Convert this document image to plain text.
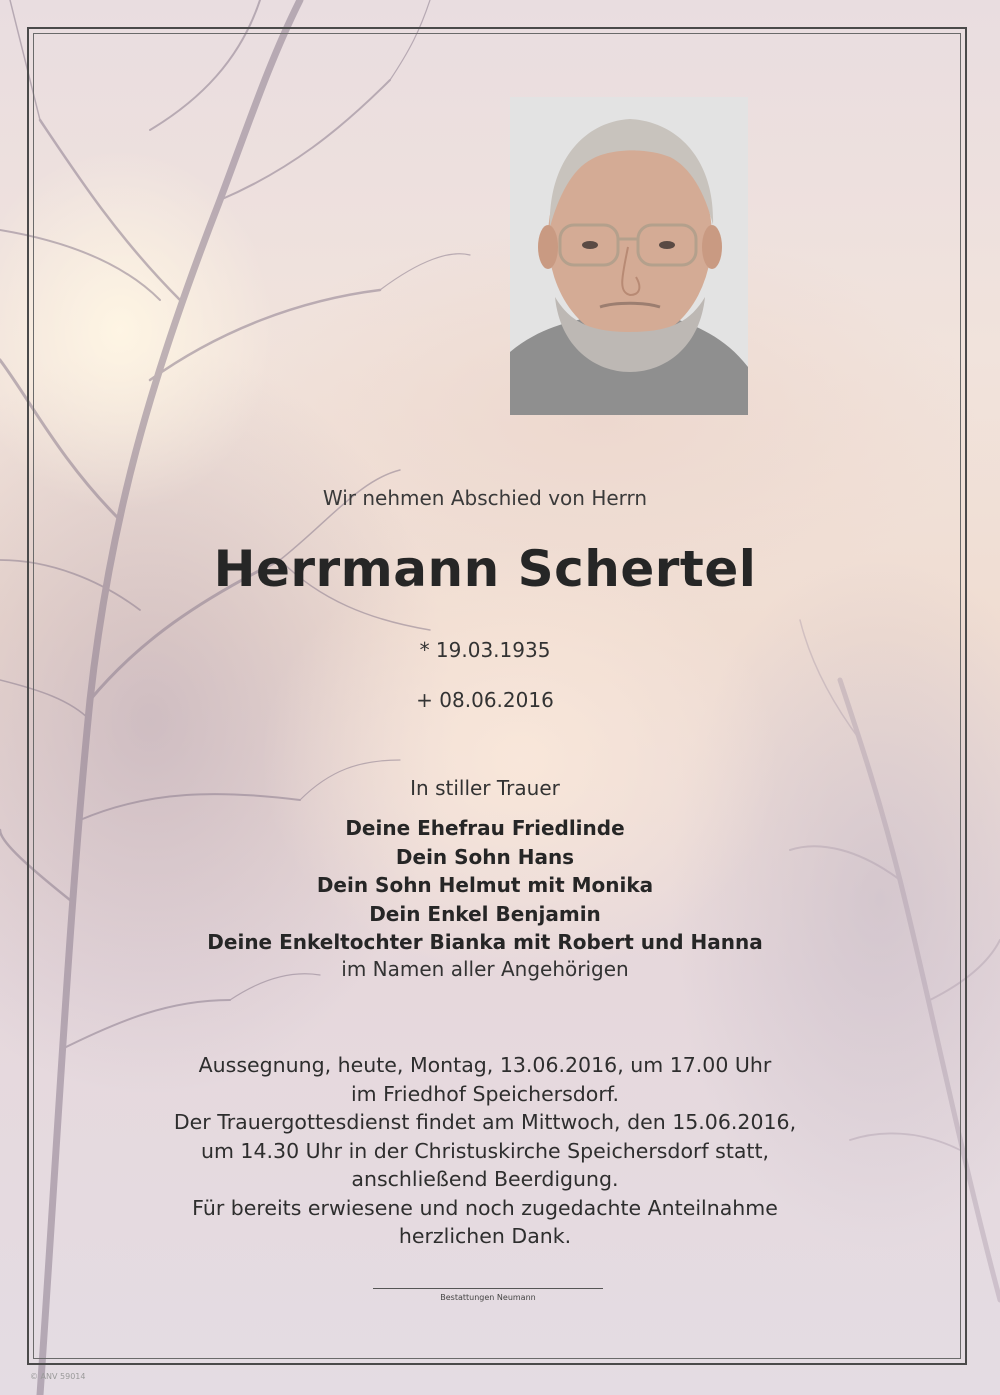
Wir nehmen Abschied von Herrn
Herrmann Schertel
* 19.03.1935
+ 08.06.2016
In stiller Trauer
Deine Ehefrau Friedlinde
Dein Sohn Hans
Dein Sohn Helmut mit Monika
Dein Enkel Benjamin
Deine Enkeltochter Bianka mit Robert und Hanna
im Namen aller Angehörigen
Aussegnung, heute, Montag, 13.06.2016, um 17.00 Uhr
im Friedhof Speichersdorf.
Der Trauergottesdienst findet am Mittwoch, den 15.06.2016,
um 14.30 Uhr in der Christuskirche Speichersdorf statt,
anschließend Beerdigung.
Für bereits erwiesene und noch zugedachte Anteilnahme
herzlichen Dank.
Bestattungen Neumann
© ANV 59014
